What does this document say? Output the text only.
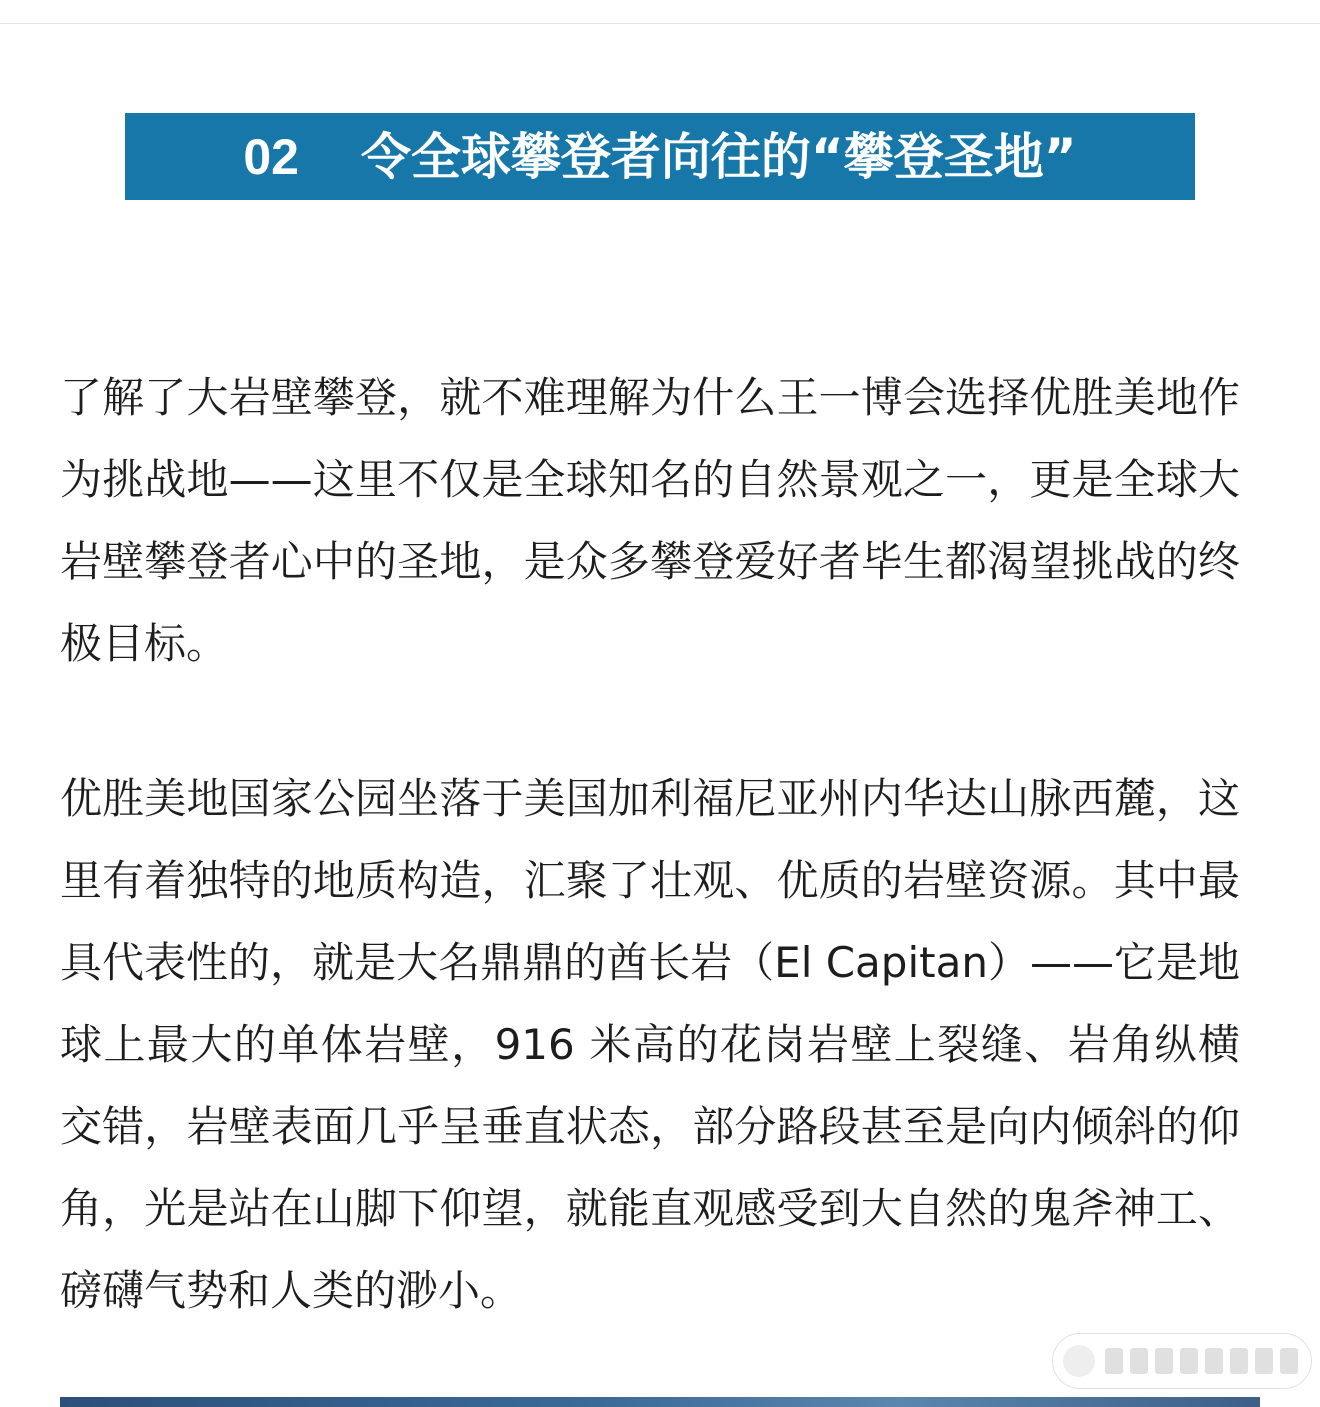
02 令全球攀登者向往的“攀登圣地”

了解了大岩壁攀登，就不难理解为什么王一博会选择优胜美地作为挑战地——这里不仅是全球知名的自然景观之一，更是全球大岩壁攀登者心中的圣地，是众多攀登爱好者毕生都渴望挑战的终极目标。

优胜美地国家公园坐落于美国加利福尼亚州内华达山脉西麓，这里有着独特的地质构造，汇聚了壮观、优质的岩壁资源。其中最具代表性的，就是大名鼎鼎的酋长岩（El Capitan）——它是地球上最大的单体岩壁，916 米高的花岗岩壁上裂缝、岩角纵横交错，岩壁表面几乎呈垂直状态，部分路段甚至是向内倾斜的仰角，光是站在山脚下仰望，就能直观感受到大自然的鬼斧神工、磅礴气势和人类的渺小。
